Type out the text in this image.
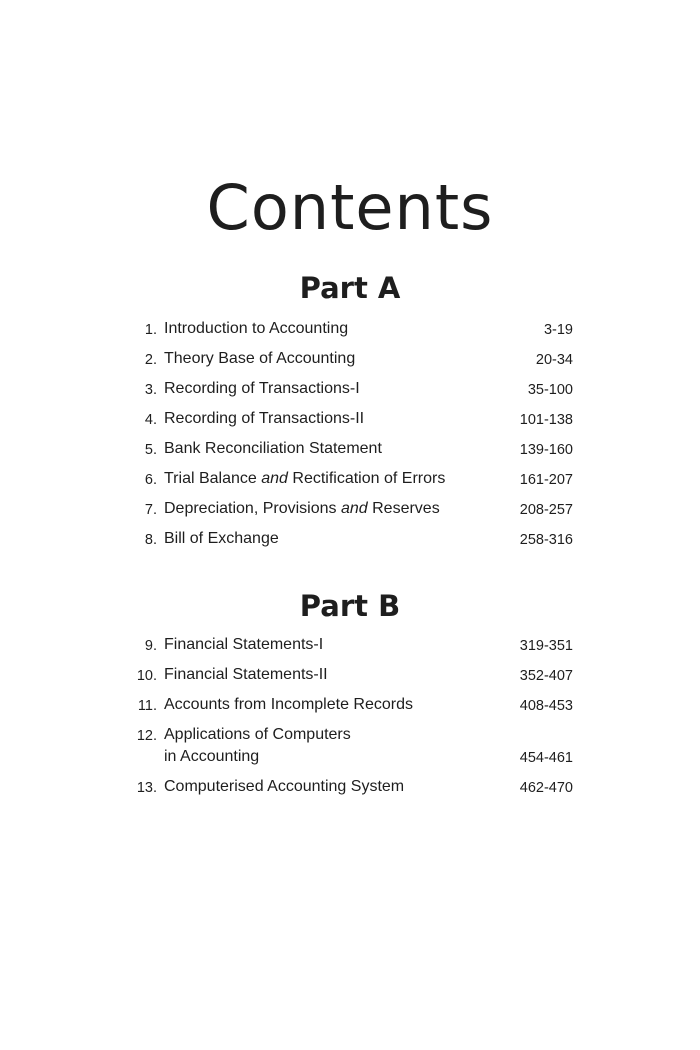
Contents
Part A
1. Introduction to Accounting	3-19
2. Theory Base of Accounting	20-34
3. Recording of Transactions-I	35-100
4. Recording of Transactions-II	101-138
5. Bank Reconciliation Statement	139-160
6. Trial Balance and Rectification of Errors	161-207
7. Depreciation, Provisions and Reserves	208-257
8. Bill of Exchange	258-316
Part B
9. Financial Statements-I	319-351
10. Financial Statements-II	352-407
11. Accounts from Incomplete Records	408-453
12. Applications of Computers
in Accounting	454-461
13. Computerised Accounting System	462-470
